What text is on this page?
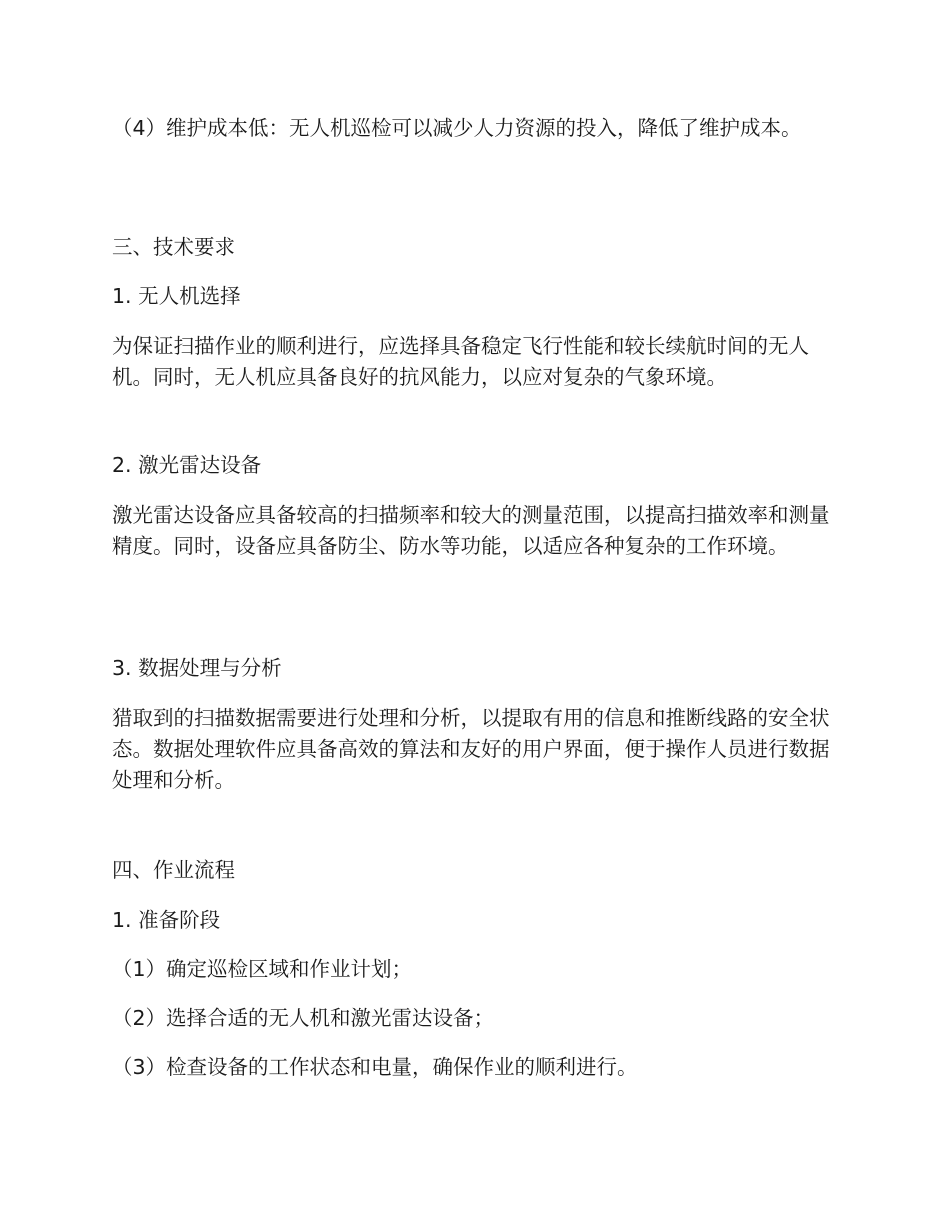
（4）维护成本低：无人机巡检可以减少人力资源的投入，降低了维护成本。

三、技术要求
1. 无人机选择

为保证扫描作业的顺利进行，应选择具备稳定飞行性能和较长续航时间的无人机。同时，无人机应具备良好的抗风能力，以应对复杂的气象环境。

2. 激光雷达设备

激光雷达设备应具备较高的扫描频率和较大的测量范围，以提高扫描效率和测量精度。同时，设备应具备防尘、防水等功能，以适应各种复杂的工作环境。

3. 数据处理与分析

猎取到的扫描数据需要进行处理和分析，以提取有用的信息和推断线路的安全状态。数据处理软件应具备高效的算法和友好的用户界面，便于操作人员进行数据处理和分析。

四、作业流程
1. 准备阶段

（1）确定巡检区域和作业计划；

（2）选择合适的无人机和激光雷达设备；

（3）检查设备的工作状态和电量，确保作业的顺利进行。
